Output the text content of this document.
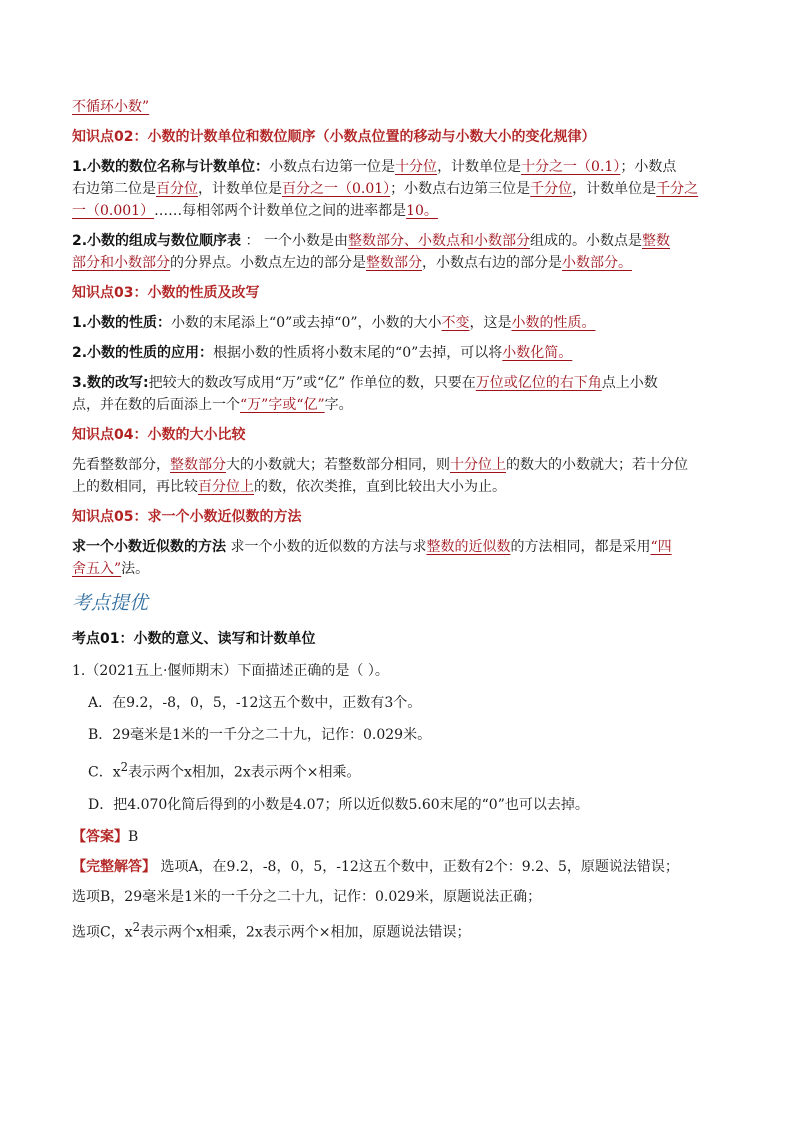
不循环小数”
知识点02：小数的计数单位和数位顺序（小数点位置的移动与小数大小的变化规律）
1.小数的数位名称与计数单位：小数点右边第一位是十分位，计数单位是十分之一（0.1）；小数点
右边第二位是百分位，计数单位是百分之一（0.01）；小数点右边第三位是千分位，计数单位是千分之
一（0.001）……每相邻两个计数单位之间的进率都是10。
2.小数的组成与数位顺序表 ： 一个小数是由整数部分、小数点和小数部分组成的。小数点是整数
部分和小数部分的分界点。小数点左边的部分是整数部分，小数点右边的部分是小数部分。
知识点03：小数的性质及改写
1.小数的性质：小数的末尾添上“0”或去掉“0”，小数的大小不变，这是小数的性质。
2.小数的性质的应用：根据小数的性质将小数末尾的“0”去掉，可以将小数化简。
3.数的改写:把较大的数改写成用“万”或“亿” 作单位的数，只要在万位或亿位的右下角点上小数
点，并在数的后面添上一个“万”字或“亿”字。
知识点04：小数的大小比较
先看整数部分，整数部分大的小数就大；若整数部分相同，则十分位上的数大的小数就大；若十分位
上的数相同，再比较百分位上的数，依次类推，直到比较出大小为止。
知识点05：求一个小数近似数的方法
求一个小数近似数的方法 求一个小数的近似数的方法与求整数的近似数的方法相同，都是采用“四
舍五入”法。
考点提优
考点01：小数的意义、读写和计数单位
1.（2021五上·偃师期末）下面描述正确的是（ ）。
A．在9.2，-8，0，5，-12这五个数中，正数有3个。
B．29毫米是1米的一千分之二十九，记作：0.029米。
C．$x^2$表示两个x相加，2x表示两个×相乘。
D．把4.070化简后得到的小数是4.07；所以近似数5.60末尾的“0”也可以去掉。
【答案】B
【完整解答】 选项A，在9.2，-8，0，5，-12这五个数中，正数有2个：9.2、5，原题说法错误；
选项B，29毫米是1米的一千分之二十九，记作：0.029米，原题说法正确；
选项C，$x^2$表示两个x相乘，2x表示两个×相加，原题说法错误；
